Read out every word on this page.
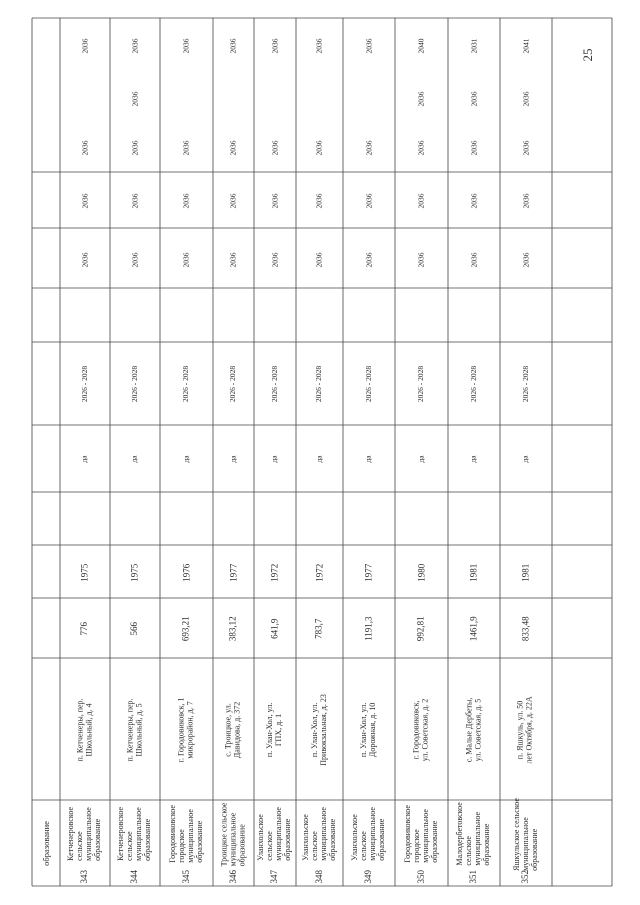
25
образование
343
Кетченеровское
сельское
муниципальное
образование
п. Кетченеры, пер.
Школьный, д. 4
776
1975
да
2026 - 2028
2036
2036
2036
2036
344
Кетченеровское
сельское
муниципальное
образование
п. Кетченеры, пер.
Школьный, д. 5
566
1975
да
2026 - 2028
2036
2036
2036
2036
2036
345
Городовиковское
городское
муниципальное
образование
г. Городовиковск, 1
микрорайон, д. 7
693,21
1976
да
2026 - 2028
2036
2036
2036
2036
346
Троицкое сельское
муниципальное
образование
с. Троицкое, ул.
Давидова, д. 372
383,12
1977
да
2026 - 2028
2036
2036
2036
2036
347
Уланхольское
сельское
муниципальное
образование
п. Улан-Хол, ул.
ГПХ, д. 1
641,9
1972
да
2026 - 2028
2036
2036
2036
2036
348
Уланхольское
сельское
муниципальное
образование
п. Улан-Хол, ул.
Привокзальная, д. 23
783,7
1972
да
2026 - 2028
2036
2036
2036
2036
349
Уланхольское
сельское
муниципальное
образование
п. Улан-Хол, ул.
Дорожная, д. 10
1191,3
1977
да
2026 - 2028
2036
2036
2036
2036
350
Городовиковское
городское
муниципальное
образование
г. Городовиковск,
ул. Советская, д. 2
992,81
1980
да
2026 - 2028
2036
2036
2036
2036
2040
351
Малодербетовское
сельское
муниципальное
образование
с. Малые Дербеты,
ул. Советская, д. 5
1461,9
1981
да
2026 - 2028
2036
2036
2036
2036
2031
352
Яшкульское сельское
муниципальное
образование
п. Яшкуль, ул. 50
лет Октября, д. 22А
833,48
1981
да
2026 - 2028
2036
2036
2036
2036
2041
